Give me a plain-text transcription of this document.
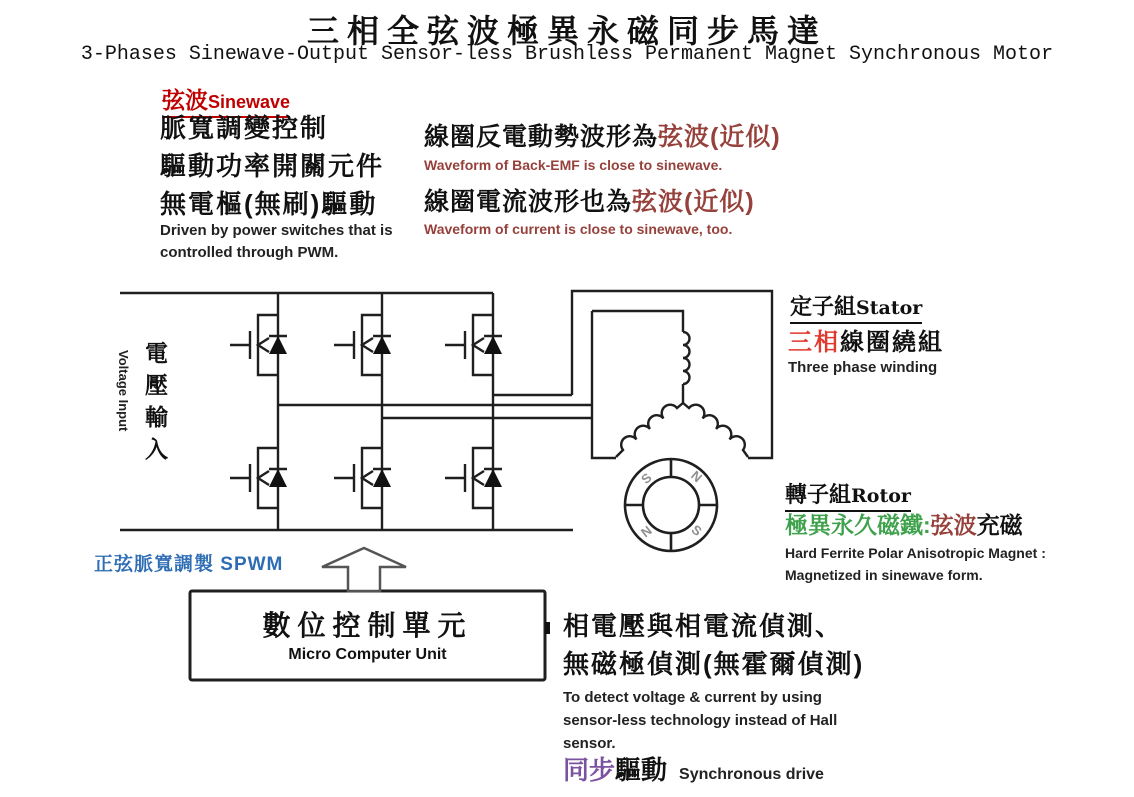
S	N
N	S
三相全弦波極異永磁同步馬達
3-Phases Sinewave-Output Sensor-less Brushless Permanent Magnet Synchronous Motor
弦波Sinewave
脈寬調變控制
驅動功率開關元件
無電樞(無刷)驅動
Driven by power switches that is
controlled through PWM.
線圈反電動勢波形為弦波(近似)
Waveform of Back-EMF is close to sinewave.
線圈電流波形也為弦波(近似)
Waveform of current is close to sinewave, too.
電壓輸入
Voltage Input
正弦脈寬調製 SPWM
定子組Stator
三相線圈繞組
Three phase winding
轉子組Rotor
極異永久磁鐵:弦波充磁
Hard Ferrite Polar Anisotropic Magnet :
Magnetized in sinewave form.
數位控制單元
Micro Computer Unit
相電壓與相電流偵測、
無磁極偵測(無霍爾偵測)
To detect voltage & current by using
sensor-less technology instead of Hall
sensor.
同步驅動 Synchronous drive
